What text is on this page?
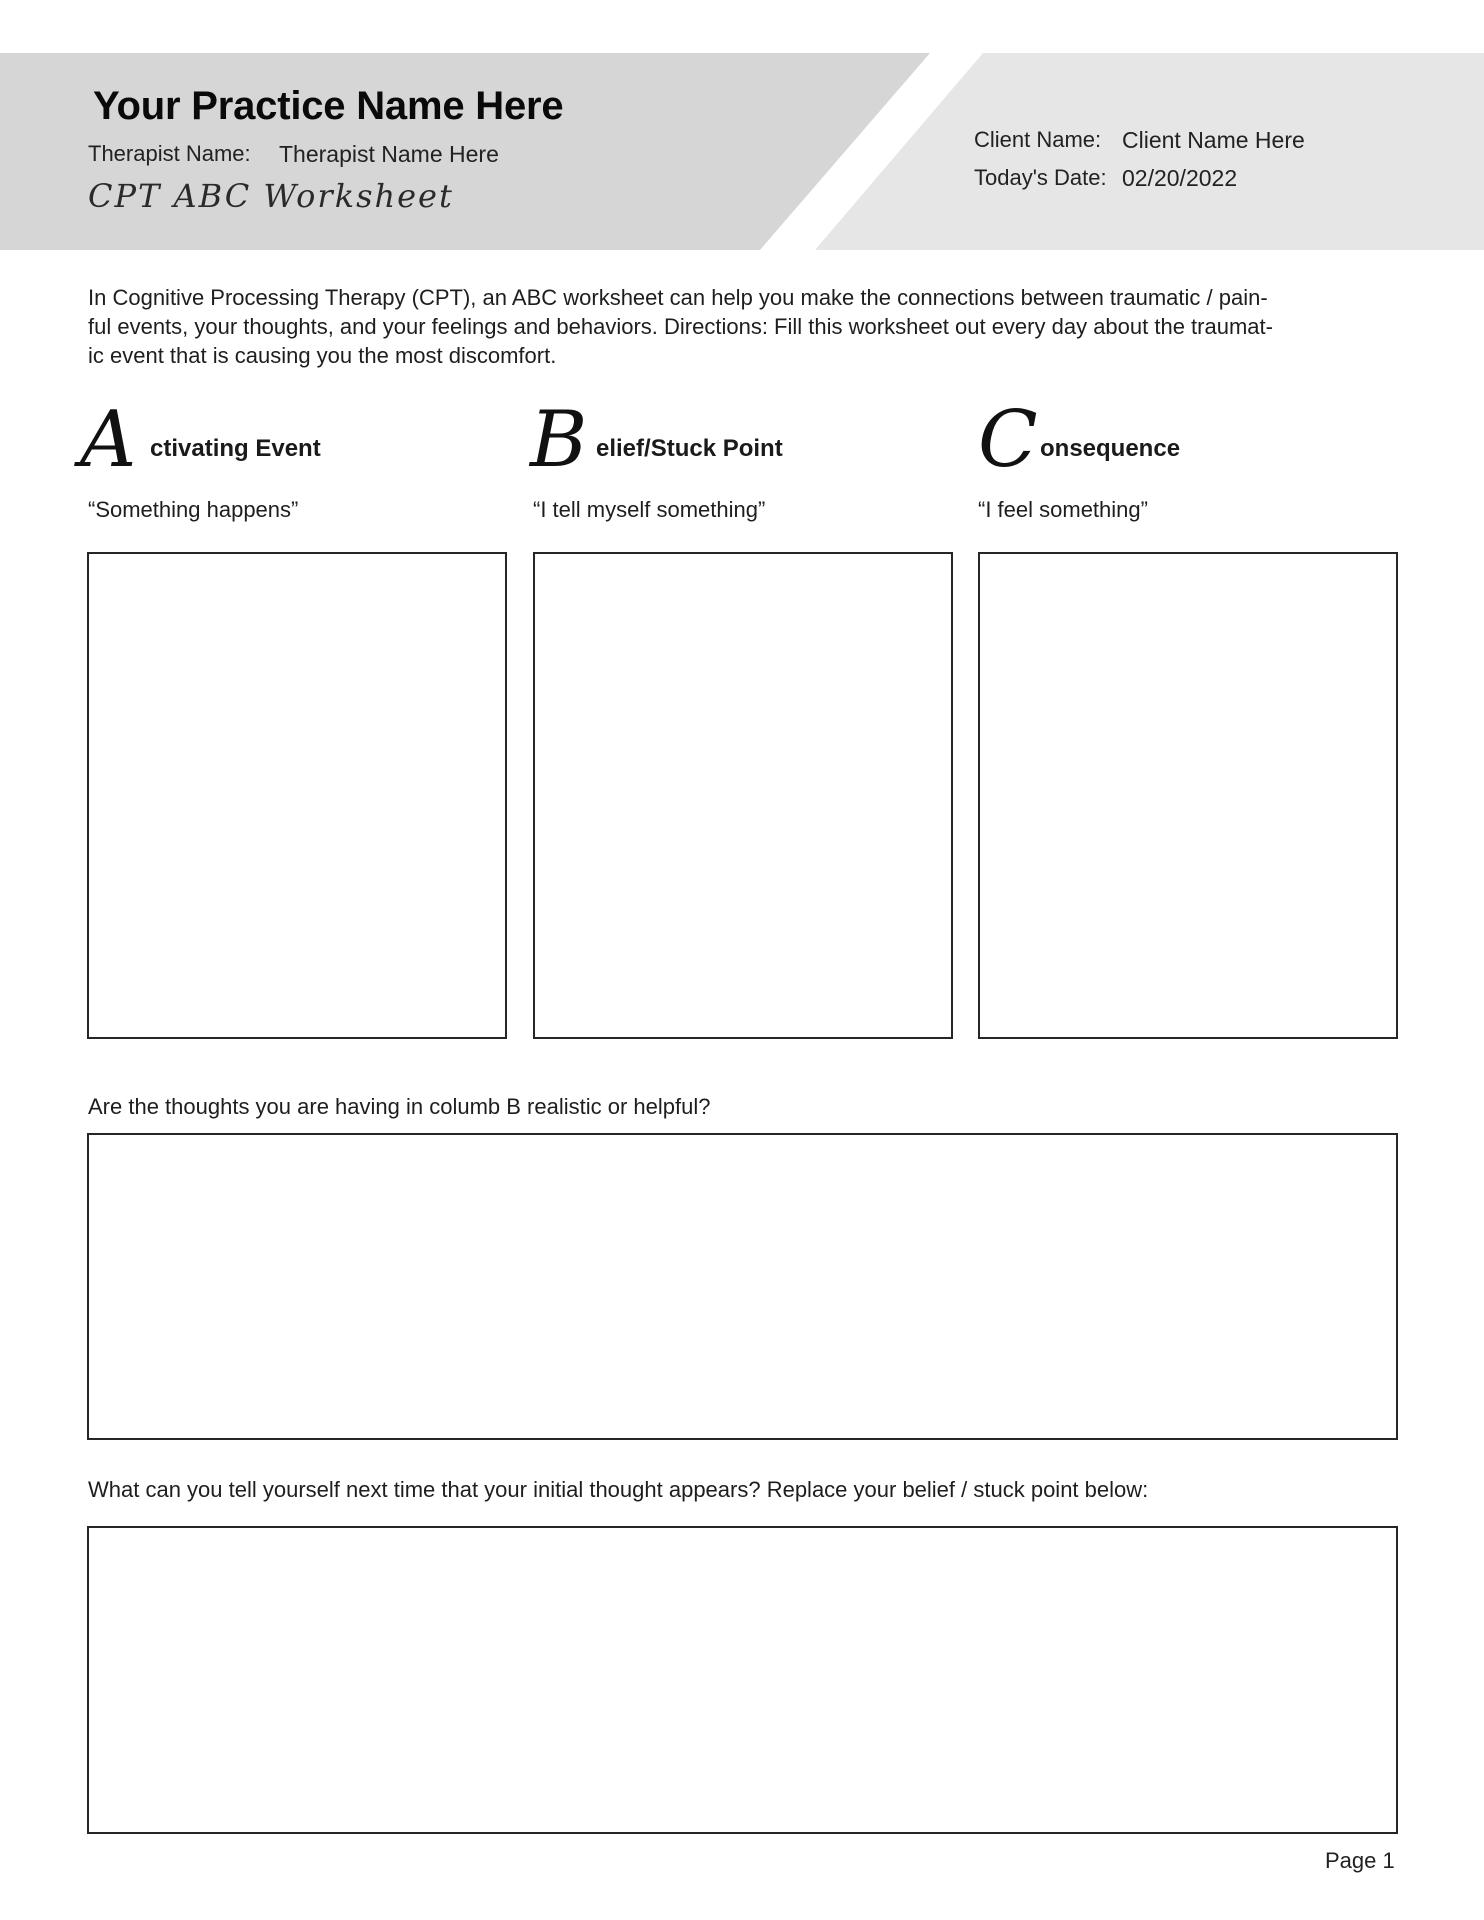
Your Practice Name Here
Therapist Name: Therapist Name Here
CPT ABC Worksheet
Client Name: Client Name Here
Today's Date: 02/20/2022
In Cognitive Processing Therapy (CPT), an ABC worksheet can help you make the connections between traumatic / pain-
ful events, your thoughts, and your feelings and behaviors. Directions: Fill this worksheet out every day about the traumat-
ic event that is causing you the most discomfort.
A ctivating Event
“Something happens”
B elief/Stuck Point
“I tell myself something”
C onsequence
“I feel something”
Are the thoughts you are having in columb B realistic or helpful?
What can you tell yourself next time that your initial thought appears? Replace your belief / stuck point below:
Page 1
